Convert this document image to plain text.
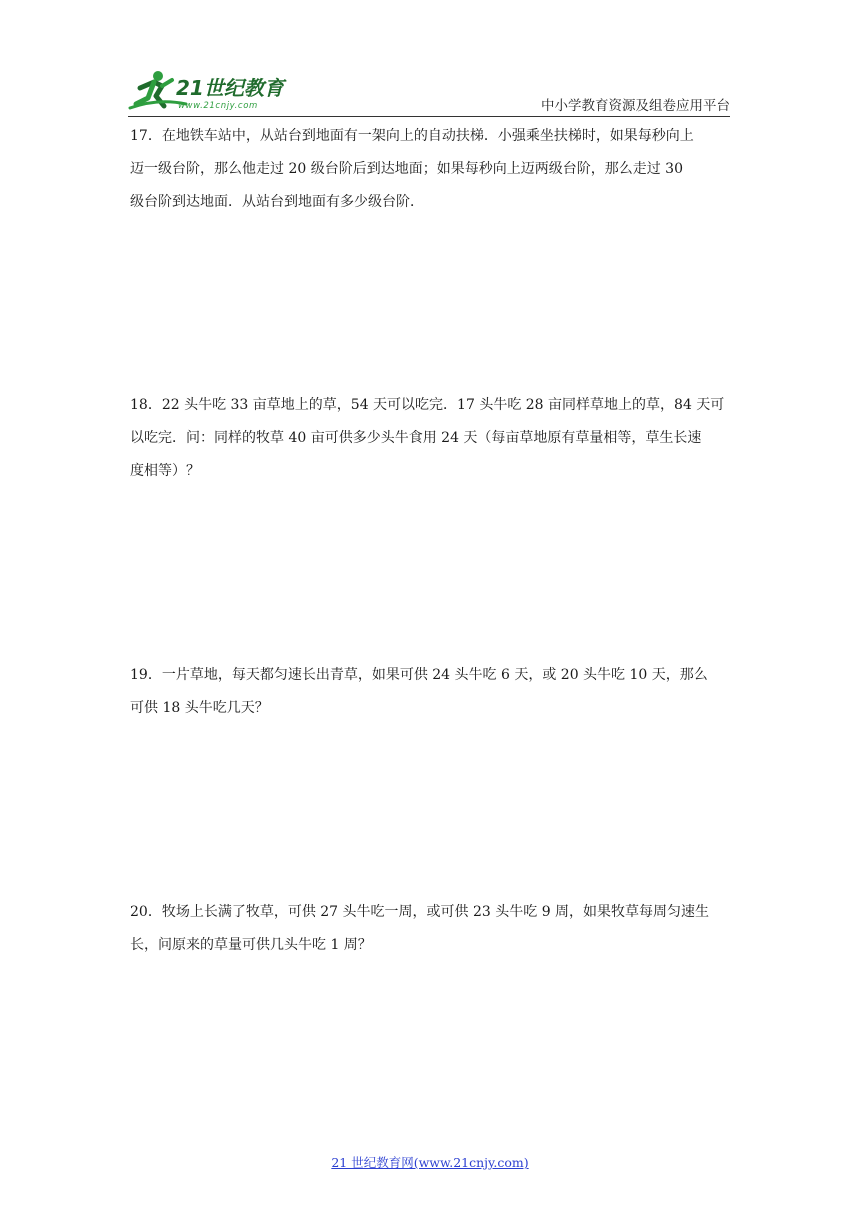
21世纪教育
www.21cnjy.com	中小学教育资源及组卷应用平台
17．在地铁车站中，从站台到地面有一架向上的自动扶梯．小强乘坐扶梯时，如果每秒向上
迈一级台阶，那么他走过 20 级台阶后到达地面；如果每秒向上迈两级台阶，那么走过 30
级台阶到达地面．从站台到地面有多少级台阶．
18．22 头牛吃 33 亩草地上的草，54 天可以吃完．17 头牛吃 28 亩同样草地上的草，84 天可
以吃完．问：同样的牧草 40 亩可供多少头牛食用 24 天（每亩草地原有草量相等，草生长速
度相等）？
19．一片草地，每天都匀速长出青草，如果可供 24 头牛吃 6 天，或 20 头牛吃 10 天，那么
可供 18 头牛吃几天？
20．牧场上长满了牧草，可供 27 头牛吃一周，或可供 23 头牛吃 9 周，如果牧草每周匀速生
长，问原来的草量可供几头牛吃 1 周？
21 世纪教育网(www.21cnjy.com)
